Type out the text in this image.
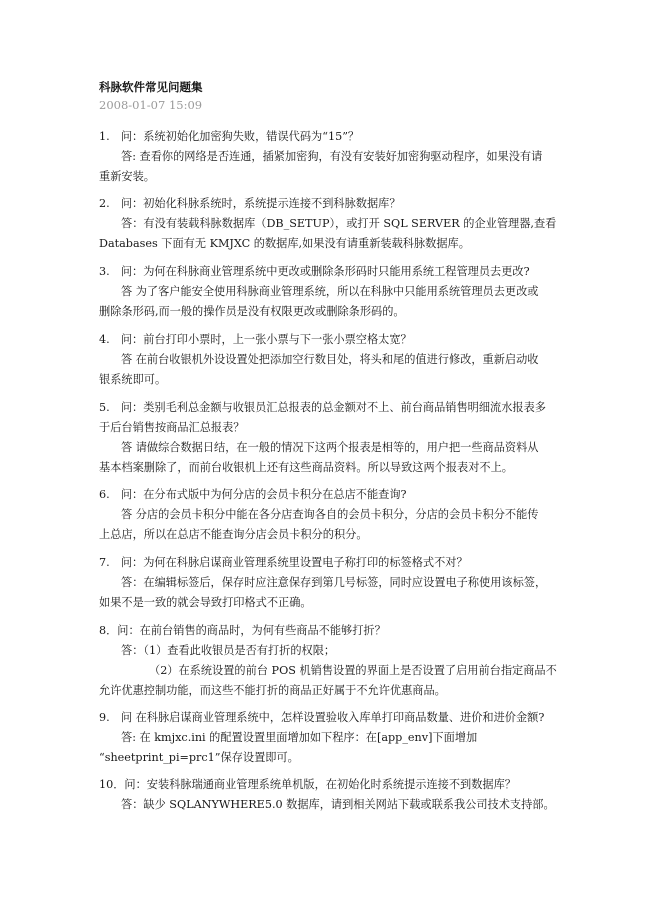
科脉软件常见问题集
2008-01-07 15:09
1.　问：系统初始化加密狗失败，错误代码为“15”？
答: 查看你的网络是否连通，插紧加密狗，有没有安装好加密狗驱动程序，如果没有请
重新安装。
2.　问：初始化科脉系统时，系统提示连接不到科脉数据库？
答：有没有装载科脉数据库（DB_SETUP），或打开 SQL SERVER 的企业管理器,查看
Databases 下面有无 KMJXC 的数据库,如果没有请重新装载科脉数据库。
3.　问：为何在科脉商业管理系统中更改或删除条形码时只能用系统工程管理员去更改?
答 为了客户能安全使用科脉商业管理系统，所以在科脉中只能用系统管理员去更改或
删除条形码,而一般的操作员是没有权限更改或删除条形码的。
4.　问：前台打印小票时，上一张小票与下一张小票空格太宽？
答 在前台收银机外设设置处把添加空行数目处，将头和尾的值进行修改，重新启动收
银系统即可。
5.　问：类别毛利总金额与收银员汇总报表的总金额对不上、前台商品销售明细流水报表多
于后台销售按商品汇总报表？
答 请做综合数据日结，在一般的情况下这两个报表是相等的，用户把一些商品资料从
基本档案删除了，而前台收银机上还有这些商品资料。所以导致这两个报表对不上。
6.　问：在分布式版中为何分店的会员卡积分在总店不能查询?
答 分店的会员卡积分中能在各分店查询各自的会员卡积分，分店的会员卡积分不能传
上总店，所以在总店不能查询分店会员卡积分的积分。
7.　问：为何在科脉启谋商业管理系统里设置电子称打印的标签格式不对？
答：在编辑标签后，保存时应注意保存到第几号标签，同时应设置电子称使用该标签，
如果不是一致的就会导致打印格式不正确。
8．问：在前台销售的商品时，为何有些商品不能够打折？
答：（1）查看此收银员是否有打折的权限；
（2）在系统设置的前台 POS 机销售设置的界面上是否设置了启用前台指定商品不
允许优惠控制功能，而这些不能打折的商品正好属于不允许优惠商品。
9.　问 在科脉启谋商业管理系统中，怎样设置验收入库单打印商品数量、进价和进价金额?
答: 在 kmjxc.ini 的配置设置里面增加如下程序：在[app_env]下面增加
“sheetprint_pi=prc1”保存设置即可。
10．问：安装科脉瑞通商业管理系统单机版，在初始化时系统提示连接不到数据库？
答：缺少 SQLANYWHERE5.0 数据库，请到相关网站下载或联系我公司技术支持部。
